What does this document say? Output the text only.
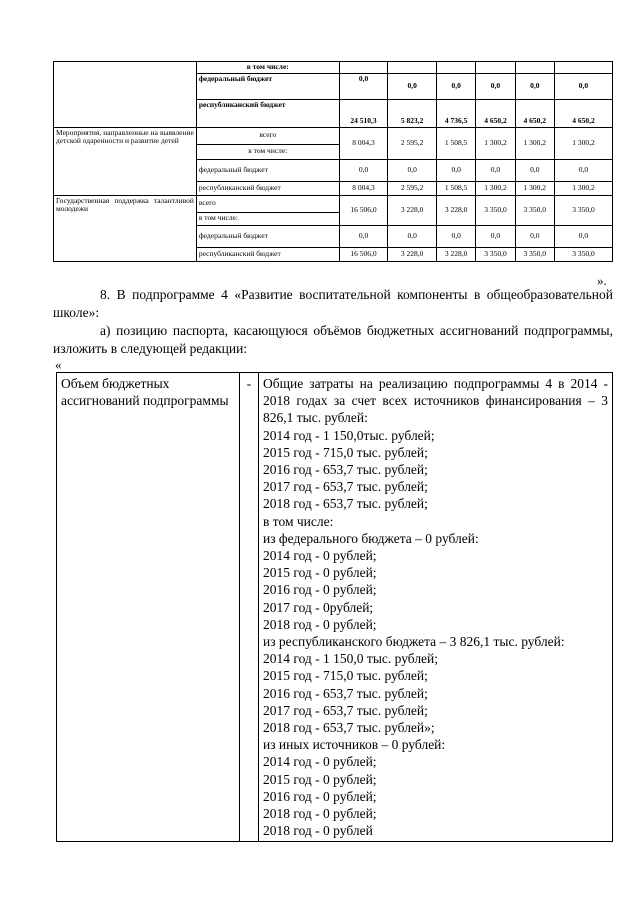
	в том числе:						
	федеральный бюджет	0,0	0,0	0,0	0,0	0,0	0,0
	республиканский бюджет	24 510,3	5 823,2	4 736,5	4 650,2	4 650,2	4 650,2
Мероприятия, направленные на выявление детской одаренности и развитие детей	всего	8 004,3	2 595,2	1 508,5	1 300,2	1 300,2	1 300,2
	в том числе:						
	федеральный бюджет	0,0	0,0	0,0	0,0	0,0	0,0
	республиканский бюджет	8 004,3	2 595,2	1 508,5	1 300,2	1 300,2	1 300,2
Государственная поддержка талантливой молодежи	всего	16 506,0	3 228,0	3 228,0	3 350,0	3 350,0	3 350,0
	в том числе:						
	федеральный бюджет	0,0	0,0	0,0	0,0	0,0	0,0
	республиканский бюджет	16 506,0	3 228,0	3 228,0	3 350,0	3 350,0	3 350,0
».
8. В подпрограмме 4 «Развитие воспитательной компоненты в общеобразовательной школе»:
а) позицию паспорта, касающуюся объёмов бюджетных ассигнований подпрограммы, изложить в следующей редакции:
«
Объем бюджетных ассигнований подпрограммы	-	Общие затраты на реализацию подпрограммы 4 в 2014 - 2018 годах за счет всех источников финансирования – 3 826,1 тыс. рублей:
2014 год - 1 150,0тыс. рублей;
2015 год - 715,0 тыс. рублей;
2016 год - 653,7 тыс. рублей;
2017 год - 653,7 тыс. рублей;
2018 год - 653,7 тыс. рублей;
в том числе:
из федерального бюджета – 0 рублей:
2014 год - 0 рублей;
2015 год - 0 рублей;
2016 год - 0 рублей;
2017 год - 0рублей;
2018 год - 0 рублей;
из республиканского бюджета – 3 826,1 тыс. рублей:
2014 год - 1 150,0 тыс. рублей;
2015 год - 715,0 тыс. рублей;
2016 год - 653,7 тыс. рублей;
2017 год - 653,7 тыс. рублей;
2018 год - 653,7 тыс. рублей»;
из иных источников – 0 рублей:
2014 год - 0 рублей;
2015 год - 0 рублей;
2016 год - 0 рублей;
2018 год - 0 рублей;
2018 год - 0 рублей
